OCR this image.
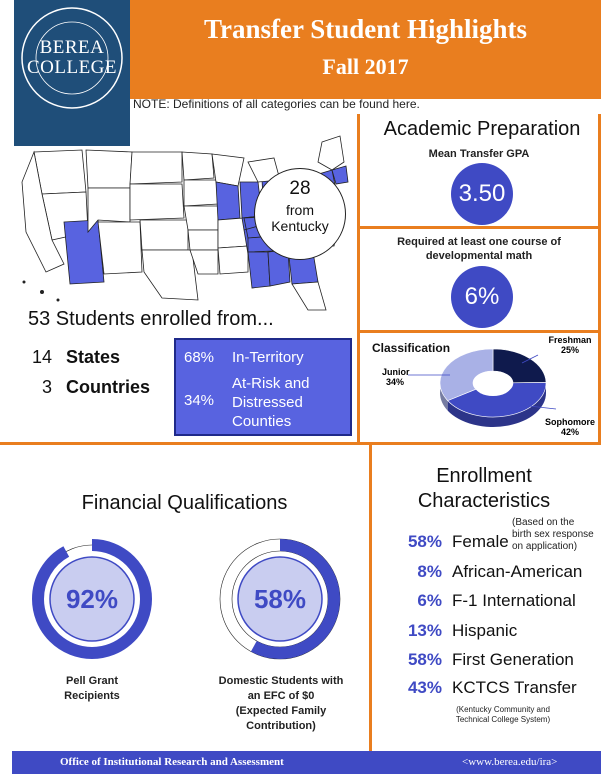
Transfer Student Highlights
Fall 2017
BEREA
COLLEGE
NOTE: Definitions of all categories can be found here.
28
from
Kentucky
53 Students enrolled from...
14 States
3 Countries
68% In-Territory
34%
At-Risk and
Distressed
Counties
Academic Preparation
Mean Transfer GPA
3.50
Required at least one course of
developmental math
6%
Classification
Freshman
25%
Sophomore
42%
Junior
34%
Financial Qualifications
92%
Pell Grant
Recipients
58%
Domestic Students with
an EFC of $0
(Expected Family
Contribution)
Enrollment
Characteristics
(Based on the
birth sex response
on application)
58% Female
8% African-American
6% F-1 International
13% Hispanic
58% First Generation
43% KCTCS Transfer
(Kentucky Community and
Technical College System)
Office of Institutional Research and Assessment	<www.berea.edu/ira>
